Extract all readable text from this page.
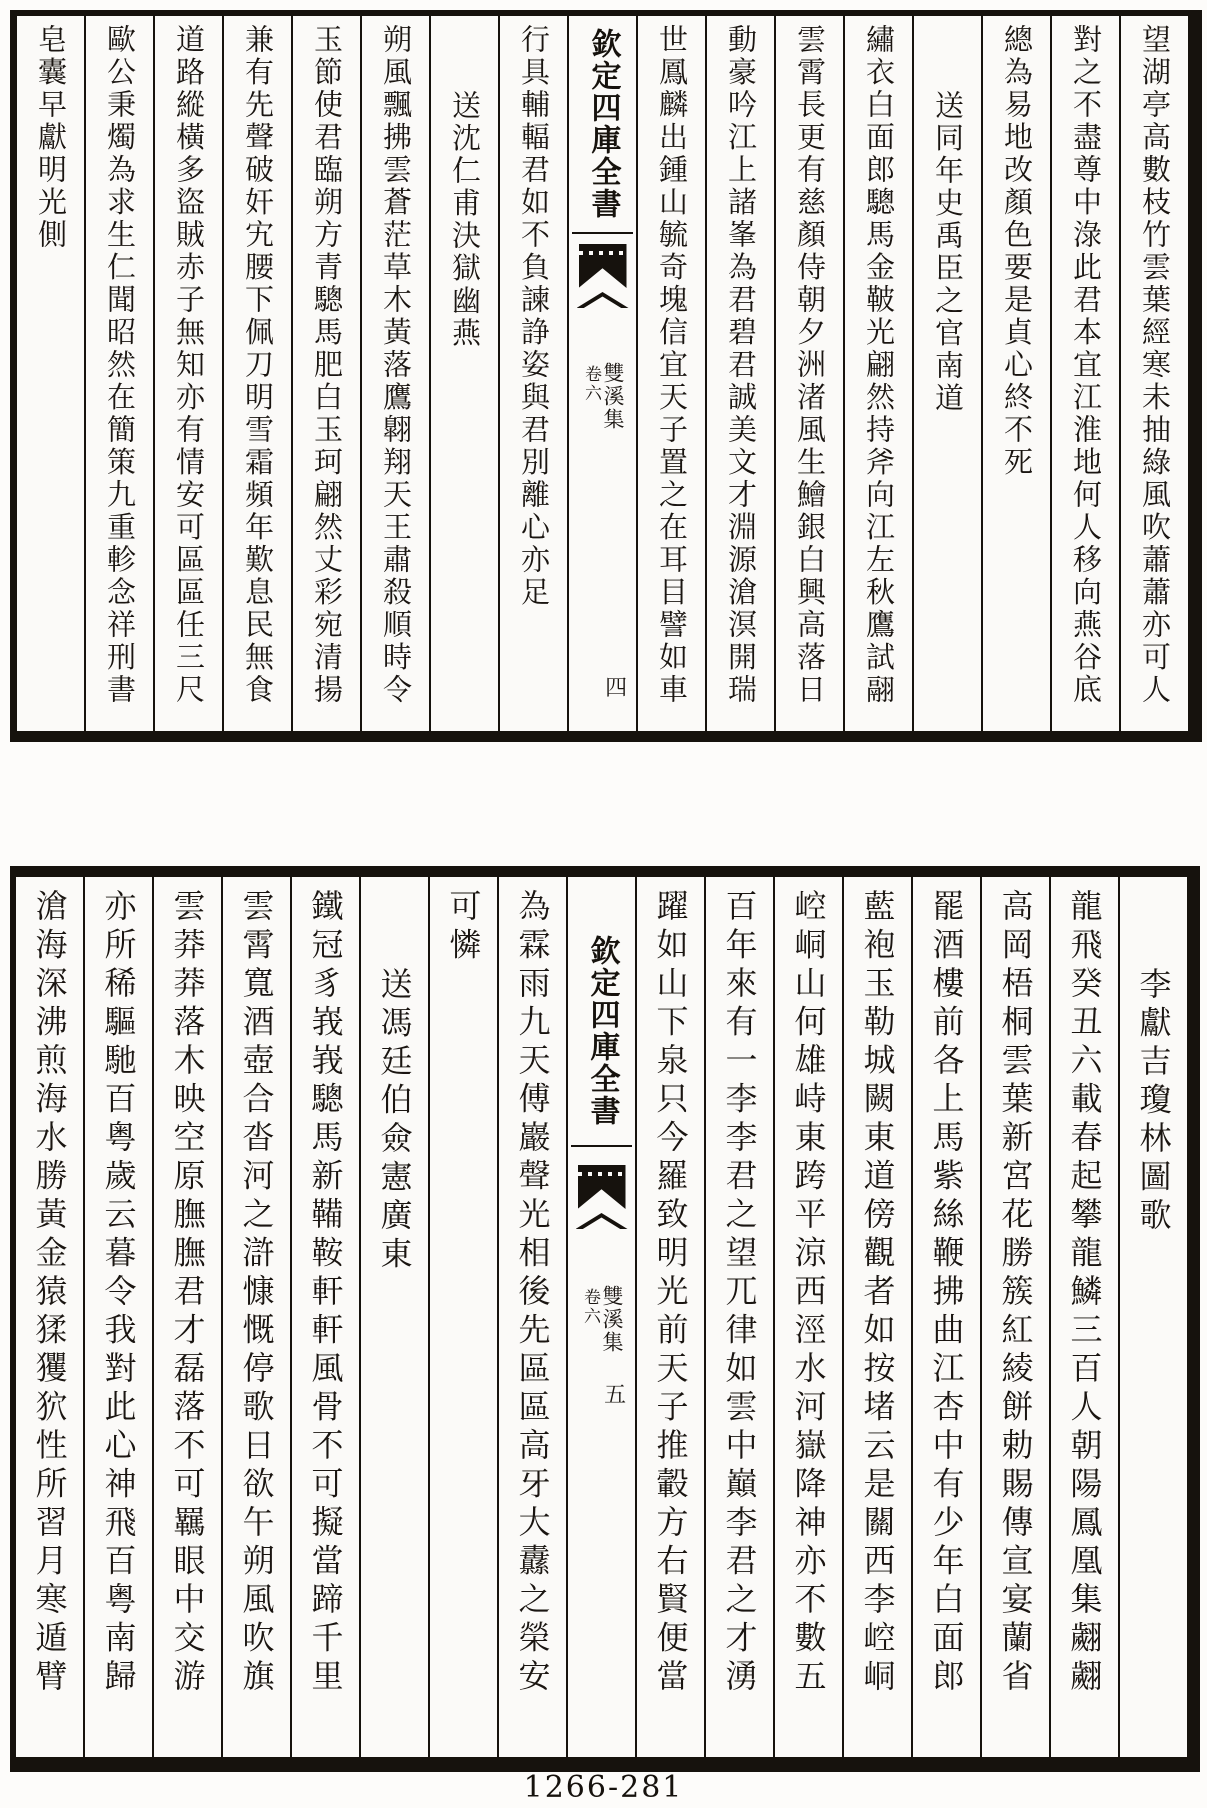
望湖亭高數枝竹雲葉經寒未抽綠風吹蕭蕭亦可人
對之不盡尊中淥此君本宜江淮地何人移向燕谷底
總為易地改顏色要是貞心終不死
送同年史禹臣之官南道
繡衣白面郎驄馬金鞁光翩然持斧向江左秋鷹試翮
雲霄長更有慈顏侍朝夕洲渚風生鱠銀白興高落日
動豪吟江上諸峯為君碧君誠美文才淵源滄溟開瑞
世鳳麟出鍾山毓奇塊信宜天子置之在耳目譬如車
欽定四庫全書
雙溪集
卷六
四
行具輔輻君如不負諫諍姿與君別離心亦足
送沈仁甫決獄幽燕
朔風飄拂雲蒼茫草木黃落鷹翺翔天王肅殺順時令
玉節使君臨朔方青驄馬肥白玉珂翩然丈彩宛清揚
兼有先聲破奸宄腰下佩刀明雪霜頻年歎息民無食
道路縱橫多盜賊赤子無知亦有情安可區區任三尺
歐公秉燭為求生仁聞昭然在簡策九重軫念祥刑書
皂囊早獻明光側
李獻吉瓊林圖歌
龍飛癸丑六載春起攀龍鱗三百人朝陽鳳凰集翽翽
高岡梧桐雲葉新宮花勝簇紅綾餅勅賜傳宣宴蘭省
罷酒樓前各上馬紫絲鞭拂曲江杏中有少年白面郎
藍袍玉勒城闕東道傍觀者如按堵云是關西李崆峒
崆峒山何雄峙東跨平涼西涇水河嶽降神亦不數五
百年來有一李李君之望兀律如雲中巔李君之才湧
躍如山下泉只今羅致明光前天子推轂方右賢便當
欽定四庫全書
雙溪集
卷六
五
為霖雨九天傅巖聲光相後先區區高牙大纛之榮安
可憐
送馮廷伯僉憲廣東
鐵冠豸峩峩驄馬新鞴鞍軒軒風骨不可擬當蹄千里
雲霄寬酒壺合沓河之滸慷慨停歌日欲午朔風吹旗
雲莽莽落木映空原膴膴君才磊落不可羈眼中交游
亦所稀驅馳百粤歲云暮令我對此心神飛百粤南歸
滄海深沸煎海水勝黃金猿猱玃狖性所習月寒遁臂
1266-281
